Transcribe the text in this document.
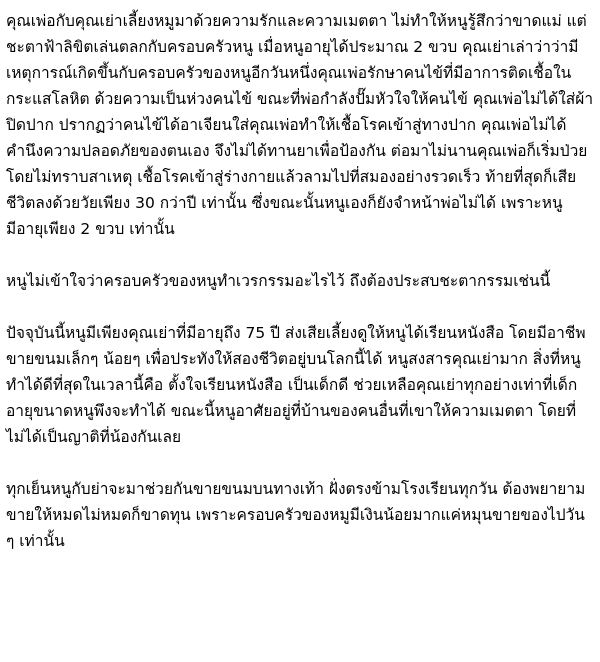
คุณเพ่อกับคุณเย่าเลี้ยงหมูมาด้วยความรักและความเมตตา ไม่ทำให้หนูรู้สึกว่าขาดแม่ แต่ชะตาฟ้าลิขิตเล่นตลกกับครอบครัวหนู เมื่อหนูอายุได้ประมาณ 2 ขวบ คุณเย่าเล่าว่าว่ามีเหตุการณ์เกิดขึ้นกับครอบครัวของหนูอีกวันหนึ่งคุณเพ่อรักษาคนไข้ที่มีอาการติดเชื้อในกระแสโลหิต ด้วยความเป็นห่วงคนไข้ ขณะที่พ่อกำลังปั๊มหัวใจให้คนไข้ คุณเพ่อไม่ได้ใส่ผ้าปิดปาก ปรากฏว่าคนไข้ได้อาเจียนใส่คุณเพ่อทำให้เชื้อโรคเข้าสู่ทางปาก คุณเพ่อไม่ได้คำนึงความปลอดภัยของตนเอง จึงไม่ได้ทานยาเพื่อป้องกัน ต่อมาไม่นานคุณเพ่อก็เริ่มป่วยโดยไม่ทราบสาเหตุ เชื้อโรคเข้าสู่ร่างกายแล้วลามไปที่สมองอย่างรวดเร็ว ท้ายที่สุดก็เสียชีวิตลงด้วยวัยเพียง 30 กว่าปี เท่านั้น ซึ่งขณะนั้นหนูเองก็ยังจำหน้าพ่อไม่ได้ เพราะหนูมีอายุเพียง 2 ขวบ เท่านั้น

หนูไม่เข้าใจว่าครอบครัวของหนูทำเวรกรรมอะไรไว้ ถึงต้องประสบชะตากรรมเช่นนี้

ปัจจุบันนี้หนูมีเพียงคุณเย่าที่มีอายุถึง 75 ปี ส่งเสียเลี้ยงดูให้หนูได้เรียนหนังสือ โดยมีอาชีพขายขนมเล็กๆ น้อยๆ เพื่อประทังให้สองชีวิตอยู่บนโลกนี้ได้ หนูสงสารคุณเย่ามาก สิ่งที่หนูทำได้ดีที่สุดในเวลานี้คือ ตั้งใจเรียนหนังสือ เป็นเด็กดี ช่วยเหลือคุณเย่าทุกอย่างเท่าที่เด็กอายุขนาดหนูพึงจะทำได้ ขณะนี้หนูอาศัยอยู่ที่บ้านของคนอื่นที่เขาให้ความเมตตา โดยที่ไม่ได้เป็นญาติที่น้องกันเลย

ทุกเย็นหนูกับย่าจะมาช่วยกันขายขนมบนทางเท้า ฝั่งตรงข้ามโรงเรียนทุกวัน ต้องพยายามขายให้หมดไม่หมดก็ขาดทุน เพราะครอบครัวของหมูมีเงินน้อยมากแค่หมุนขายของไปวัน ๆ เท่านั้น
